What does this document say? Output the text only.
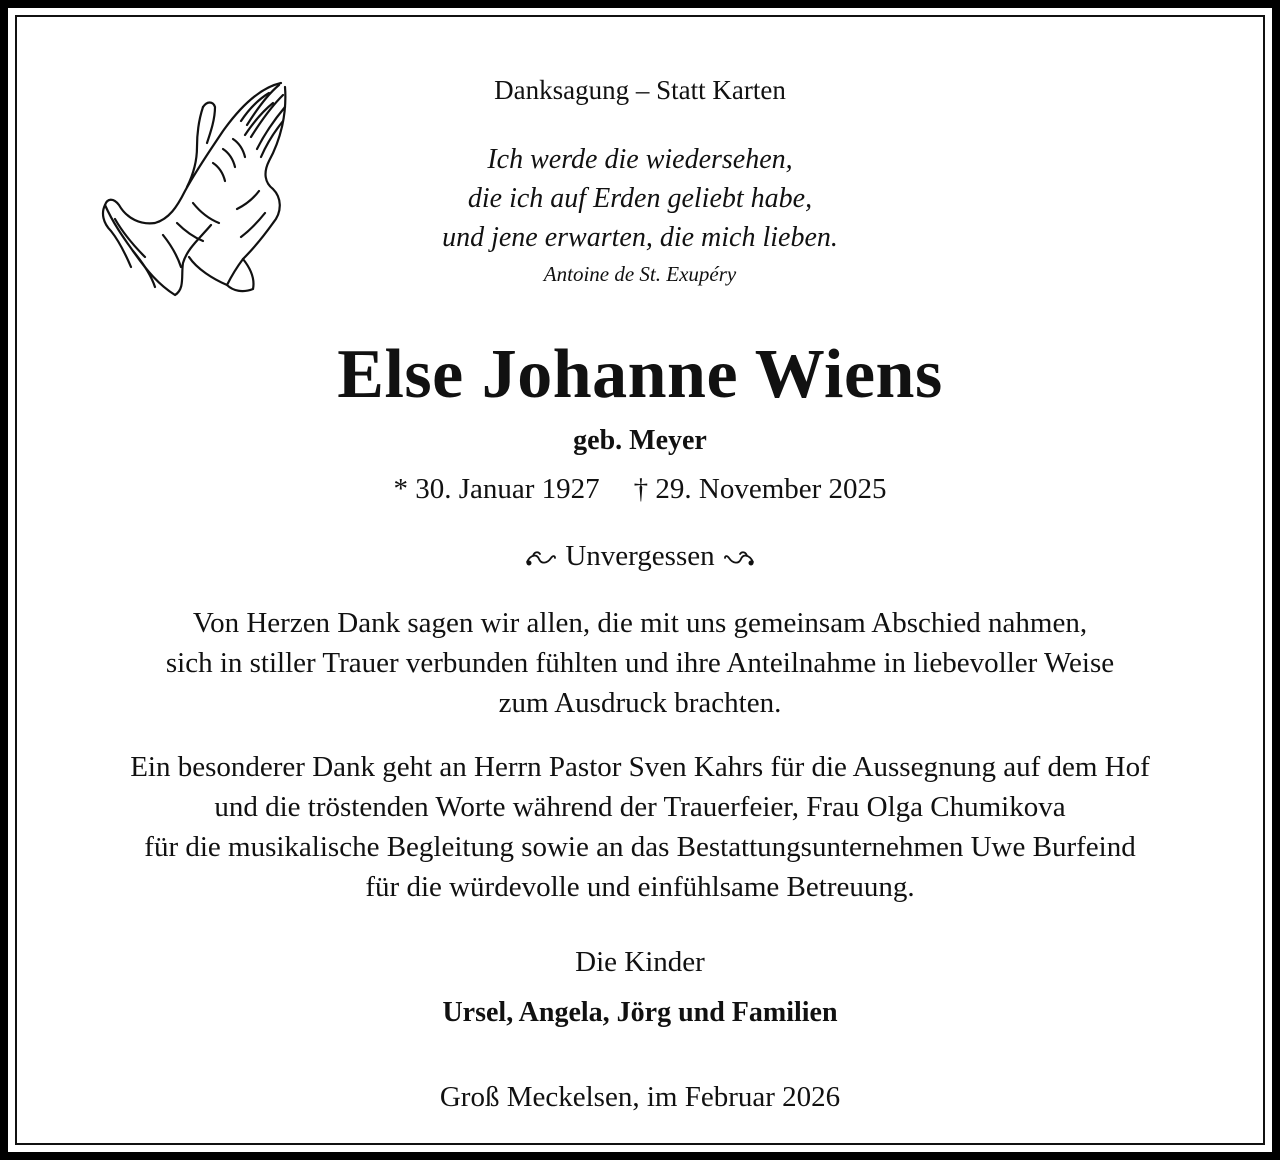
Danksagung – Statt Karten
Ich werde die wiedersehen,
die ich auf Erden geliebt habe,
und jene erwarten, die mich lieben.
Antoine de St. Exupéry
Else Johanne Wiens
geb. Meyer
* 30. Januar 1927 † 29. November 2025
Unvergessen
Von Herzen Dank sagen wir allen, die mit uns gemeinsam Abschied nahmen,
sich in stiller Trauer verbunden fühlten und ihre Anteilnahme in liebevoller Weise
zum Ausdruck brachten.
Ein besonderer Dank geht an Herrn Pastor Sven Kahrs für die Aussegnung auf dem Hof
und die tröstenden Worte während der Trauerfeier, Frau Olga Chumikova
für die musikalische Begleitung sowie an das Bestattungsunternehmen Uwe Burfeind
für die würdevolle und einfühlsame Betreuung.
Die Kinder
Ursel, Angela, Jörg und Familien
Groß Meckelsen, im Februar 2026
